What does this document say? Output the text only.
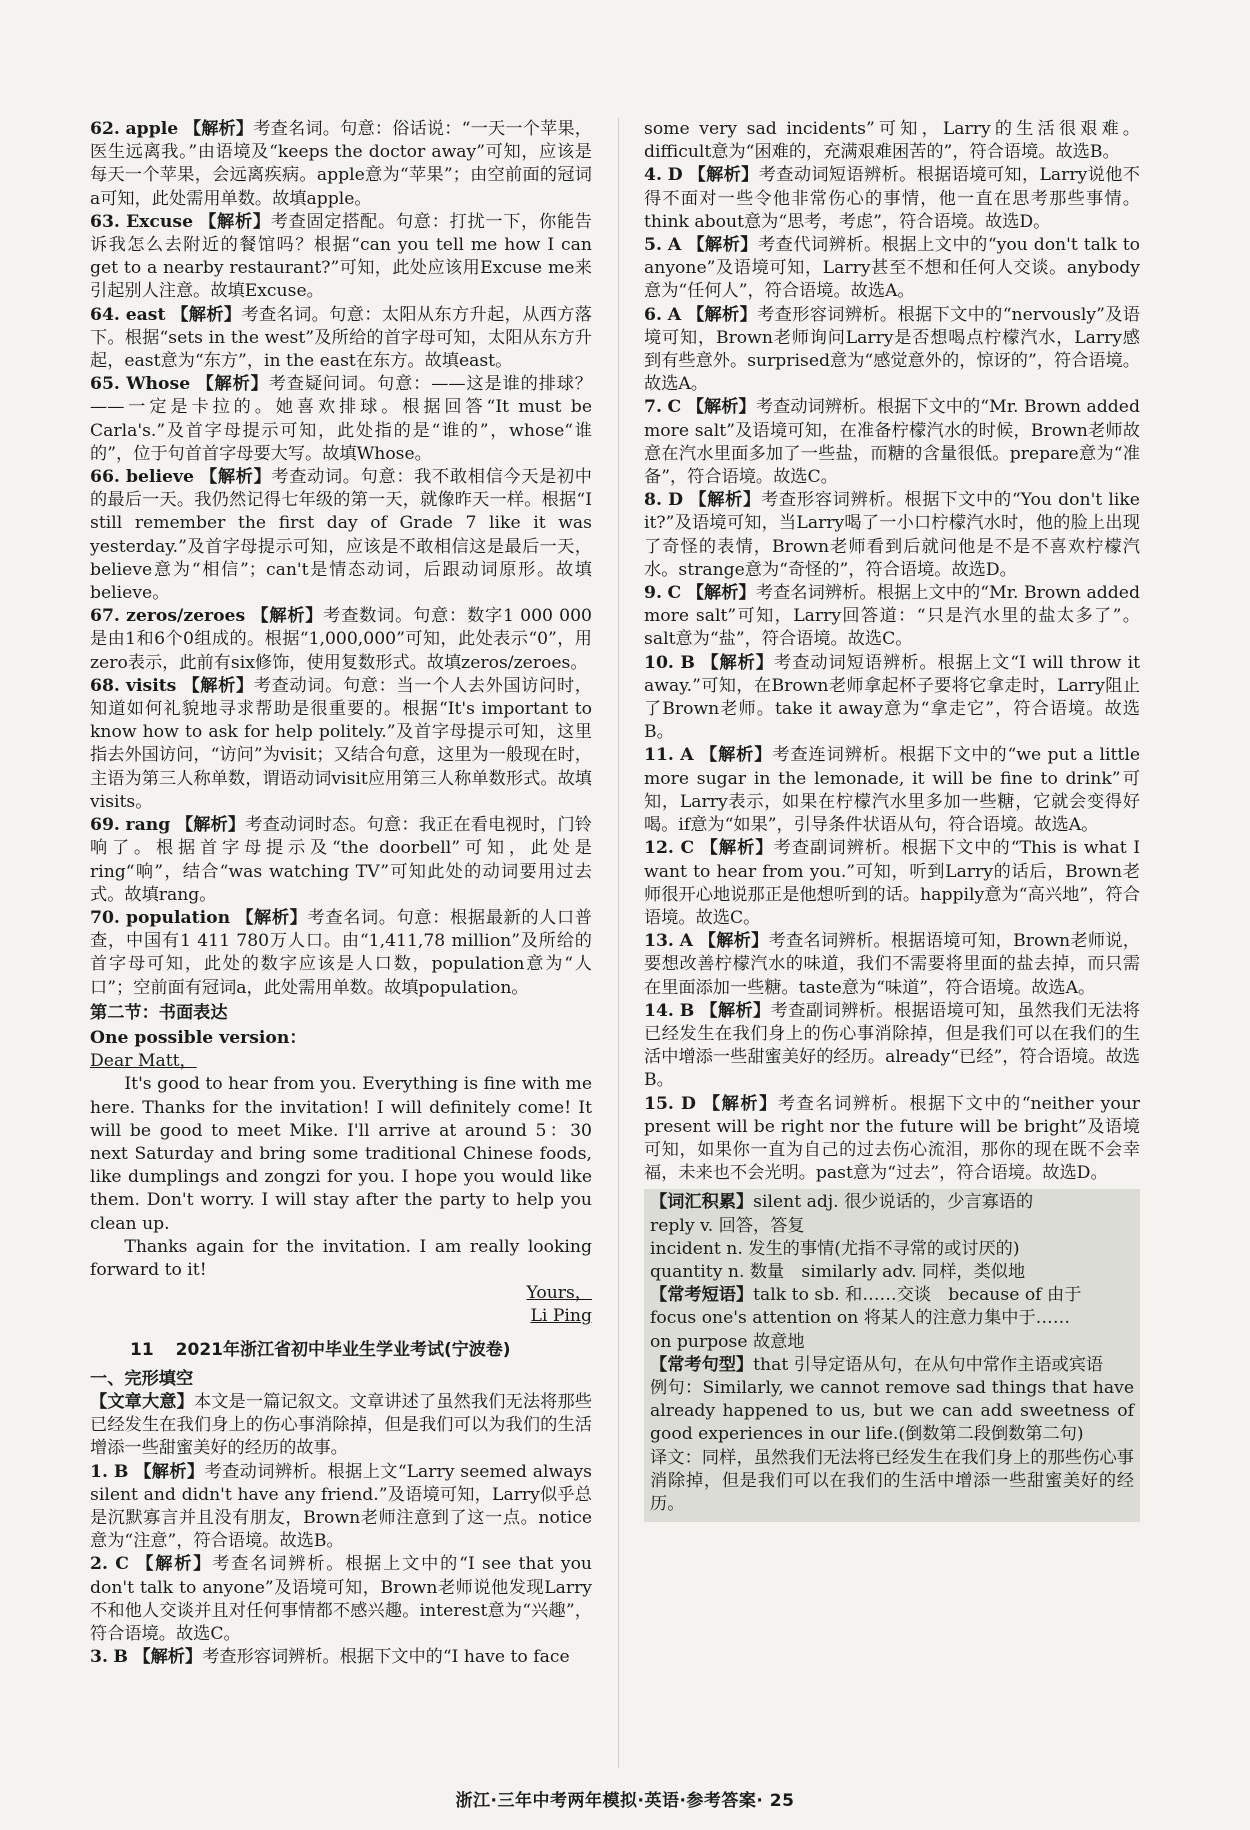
62. apple 【解析】考查名词。句意：俗话说：“一天一个苹果，医生远离我。”由语境及“keeps the doctor away”可知，应该是每天一个苹果，会远离疾病。apple意为“苹果”；由空前面的冠词a可知，此处需用单数。故填apple。
63. Excuse 【解析】考查固定搭配。句意：打扰一下，你能告诉我怎么去附近的餐馆吗？根据“can you tell me how I can get to a nearby restaurant?”可知，此处应该用Excuse me来引起别人注意。故填Excuse。
64. east 【解析】考查名词。句意：太阳从东方升起，从西方落下。根据“sets in the west”及所给的首字母可知，太阳从东方升起，east意为“东方”，in the east在东方。故填east。
65. Whose 【解析】考查疑问词。句意：——这是谁的排球？——一定是卡拉的。她喜欢排球。根据回答“It must be Carla's.”及首字母提示可知，此处指的是“谁的”，whose“谁的”，位于句首首字母要大写。故填Whose。
66. believe 【解析】考查动词。句意：我不敢相信今天是初中的最后一天。我仍然记得七年级的第一天，就像昨天一样。根据“I still remember the first day of Grade 7 like it was yesterday.”及首字母提示可知，应该是不敢相信这是最后一天，believe意为“相信”；can't是情态动词，后跟动词原形。故填believe。
67. zeros/zeroes 【解析】考查数词。句意：数字1 000 000是由1和6个0组成的。根据“1,000,000”可知，此处表示“0”，用zero表示，此前有six修饰，使用复数形式。故填zeros/zeroes。
68. visits 【解析】考查动词。句意：当一个人去外国访问时，知道如何礼貌地寻求帮助是很重要的。根据“It's important to know how to ask for help politely.”及首字母提示可知，这里指去外国访问，“访问”为visit；又结合句意，这里为一般现在时，主语为第三人称单数，谓语动词visit应用第三人称单数形式。故填visits。
69. rang 【解析】考查动词时态。句意：我正在看电视时，门铃响了。根据首字母提示及“the doorbell”可知，此处是ring“响”，结合“was watching TV”可知此处的动词要用过去式。故填rang。
70. population 【解析】考查名词。句意：根据最新的人口普查，中国有1 411 780万人口。由“1,411,78 million”及所给的首字母可知，此处的数字应该是人口数，population意为“人口”；空前面有冠词a，此处需用单数。故填population。
第二节：书面表达
One possible version：

Dear Matt，

It's good to hear from you. Everything is fine with me here. Thanks for the invitation! I will definitely come! It will be good to meet Mike. I'll arrive at around 5：30 next Saturday and bring some traditional Chinese foods, like dumplings and zongzi for you. I hope you would like them. Don't worry. I will stay after the party to help you clean up.

Thanks again for the invitation. I am really looking forward to it!

Yours，

Li Ping

11 2021年浙江省初中毕业生学业考试(宁波卷)
一、完形填空
【文章大意】本文是一篇记叙文。文章讲述了虽然我们无法将那些已经发生在我们身上的伤心事消除掉，但是我们可以为我们的生活增添一些甜蜜美好的经历的故事。
1. B 【解析】考查动词辨析。根据上文“Larry seemed always silent and didn't have any friend.”及语境可知，Larry似乎总是沉默寡言并且没有朋友，Brown老师注意到了这一点。notice意为“注意”，符合语境。故选B。
2. C 【解析】考查名词辨析。根据上文中的“I see that you don't talk to anyone”及语境可知，Brown老师说他发现Larry不和他人交谈并且对任何事情都不感兴趣。interest意为“兴趣”，符合语境。故选C。
3. B 【解析】考查形容词辨析。根据下文中的“I have to face
some very sad incidents”可知，Larry的生活很艰难。difficult意为“困难的，充满艰难困苦的”，符合语境。故选B。
4. D 【解析】考查动词短语辨析。根据语境可知，Larry说他不得不面对一些令他非常伤心的事情，他一直在思考那些事情。think about意为“思考，考虑”，符合语境。故选D。
5. A 【解析】考查代词辨析。根据上文中的“you don't talk to anyone”及语境可知，Larry甚至不想和任何人交谈。anybody意为“任何人”，符合语境。故选A。
6. A 【解析】考查形容词辨析。根据下文中的“nervously”及语境可知，Brown老师询问Larry是否想喝点柠檬汽水，Larry感到有些意外。surprised意为“感觉意外的，惊讶的”，符合语境。故选A。
7. C 【解析】考查动词辨析。根据下文中的“Mr. Brown added more salt”及语境可知，在准备柠檬汽水的时候，Brown老师故意在汽水里面多加了一些盐，而糖的含量很低。prepare意为“准备”，符合语境。故选C。
8. D 【解析】考查形容词辨析。根据下文中的“You don't like it?”及语境可知，当Larry喝了一小口柠檬汽水时，他的脸上出现了奇怪的表情，Brown老师看到后就问他是不是不喜欢柠檬汽水。strange意为“奇怪的”，符合语境。故选D。
9. C 【解析】考查名词辨析。根据上文中的“Mr. Brown added more salt”可知，Larry回答道：“只是汽水里的盐太多了”。salt意为“盐”，符合语境。故选C。
10. B 【解析】考查动词短语辨析。根据上文“I will throw it away.”可知，在Brown老师拿起杯子要将它拿走时，Larry阻止了Brown老师。take it away意为“拿走它”，符合语境。故选B。
11. A 【解析】考查连词辨析。根据下文中的“we put a little more sugar in the lemonade, it will be fine to drink”可知，Larry表示，如果在柠檬汽水里多加一些糖，它就会变得好喝。if意为“如果”，引导条件状语从句，符合语境。故选A。
12. C 【解析】考查副词辨析。根据下文中的“This is what I want to hear from you.”可知，听到Larry的话后，Brown老师很开心地说那正是他想听到的话。happily意为“高兴地”，符合语境。故选C。
13. A 【解析】考查名词辨析。根据语境可知，Brown老师说，要想改善柠檬汽水的味道，我们不需要将里面的盐去掉，而只需在里面添加一些糖。taste意为“味道”，符合语境。故选A。
14. B 【解析】考查副词辨析。根据语境可知，虽然我们无法将已经发生在我们身上的伤心事消除掉，但是我们可以在我们的生活中增添一些甜蜜美好的经历。already“已经”，符合语境。故选B。
15. D 【解析】考查名词辨析。根据下文中的“neither your present will be right nor the future will be bright”及语境可知，如果你一直为自己的过去伤心流泪，那你的现在既不会幸福，未来也不会光明。past意为“过去”，符合语境。故选D。

【词汇积累】silent adj. 很少说话的，少言寡语的

reply v. 回答，答复

incident n. 发生的事情(尤指不寻常的或讨厌的)

quantity n. 数量　similarly adv. 同样，类似地

【常考短语】talk to sb. 和……交谈　because of 由于

focus one's attention on 将某人的注意力集中于……

on purpose 故意地

【常考句型】that 引导定语从句，在从句中常作主语或宾语

例句：Similarly, we cannot remove sad things that have already happened to us, but we can add sweetness of good experiences in our life.(倒数第二段倒数第二句)

译文：同样，虽然我们无法将已经发生在我们身上的那些伤心事消除掉，但是我们可以在我们的生活中增添一些甜蜜美好的经历。

浙江·三年中考两年模拟·英语·参考答案· 25
